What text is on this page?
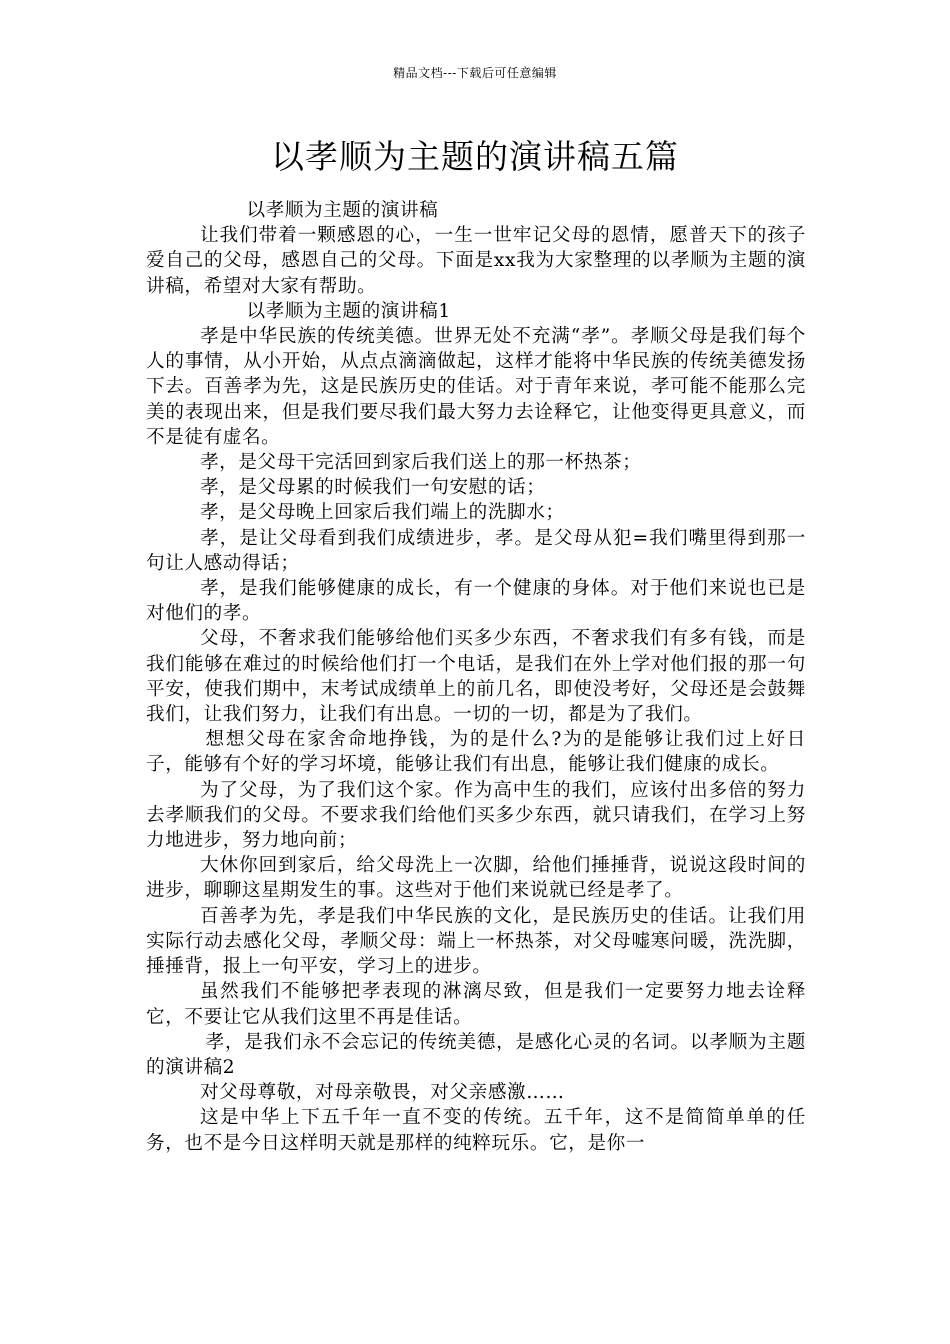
精品文档---下载后可任意编辑
以孝顺为主题的演讲稿五篇

以孝顺为主题的演讲稿

让我们带着一颗感恩的心，一生一世牢记父母的恩情，愿普天下的孩子爱自己的父母，感恩自己的父母。下面是xx我为大家整理的以孝顺为主题的演讲稿，希望对大家有帮助。

以孝顺为主题的演讲稿1

孝是中华民族的传统美德。世界无处不充满“孝”。孝顺父母是我们每个人的事情，从小开始，从点点滴滴做起，这样才能将中华民族的传统美德发扬下去。百善孝为先，这是民族历史的佳话。对于青年来说，孝可能不能那么完美的表现出来，但是我们要尽我们最大努力去诠释它，让他变得更具意义，而不是徒有虚名。

孝，是父母干完活回到家后我们送上的那一杯热茶；

孝，是父母累的时候我们一句安慰的话；

孝，是父母晚上回家后我们端上的洗脚水；

孝，是让父母看到我们成绩进步，孝。是父母从犯=我们嘴里得到那一句让人感动得话；

孝，是我们能够健康的成长，有一个健康的身体。对于他们来说也已是对他们的孝。

父母，不奢求我们能够给他们买多少东西，不奢求我们有多有钱，而是我们能够在难过的时候给他们打一个电话，是我们在外上学对他们报的那一句平安，使我们期中，末考试成绩单上的前几名，即使没考好，父母还是会鼓舞我们，让我们努力，让我们有出息。一切的一切，都是为了我们。

想想父母在家舍命地挣钱，为的是什么?为的是能够让我们过上好日子，能够有个好的学习坏境，能够让我们有出息，能够让我们健康的成长。

为了父母，为了我们这个家。作为高中生的我们，应该付出多倍的努力去孝顺我们的父母。不要求我们给他们买多少东西，就只请我们，在学习上努力地进步，努力地向前；

大休你回到家后，给父母洗上一次脚，给他们捶捶背，说说这段时间的进步，聊聊这星期发生的事。这些对于他们来说就已经是孝了。

百善孝为先，孝是我们中华民族的文化，是民族历史的佳话。让我们用实际行动去感化父母，孝顺父母：端上一杯热茶，对父母嘘寒问暖，洗洗脚，捶捶背，报上一句平安，学习上的进步。

虽然我们不能够把孝表现的淋漓尽致，但是我们一定要努力地去诠释它，不要让它从我们这里不再是佳话。

孝，是我们永不会忘记的传统美德，是感化心灵的名词。以孝顺为主题的演讲稿2

对父母尊敬，对母亲敬畏，对父亲感激……

这是中华上下五千年一直不变的传统。五千年，这不是简简单单的任务，也不是今日这样明天就是那样的纯粹玩乐。它，是你一
